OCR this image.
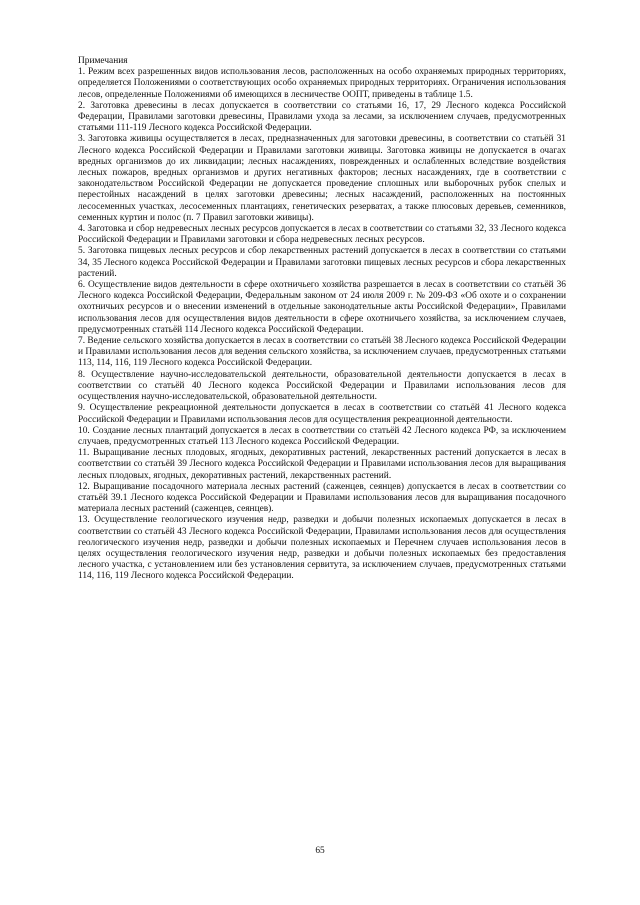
Примечания

1. Режим всех разрешенных видов использования лесов, расположенных на особо охраняемых природных территориях, определяется Положениями о соответствующих особо охраняемых природных территориях. Ограничения использования лесов, определенные Положениями об имеющихся в лесничестве ООПТ, приведены в таблице 1.5.

2. Заготовка древесины в лесах допускается в соответствии со статьями 16, 17, 29 Лесного кодекса Российской Федерации, Правилами заготовки древесины, Правилами ухода за лесами, за исключением случаев, предусмотренных статьями 111-119 Лесного кодекса Российской Федерации.

3. Заготовка живицы осуществляется в лесах, предназначенных для заготовки древесины, в соответствии со статьёй 31 Лесного кодекса Российской Федерации и Правилами заготовки живицы. Заготовка живицы не допускается в очагах вредных организмов до их ликвидации; лесных насаждениях, поврежденных и ослабленных вследствие воздействия лесных пожаров, вредных организмов и других негативных факторов; лесных насаждениях, где в соответствии с законодательством Российской Федерации не допускается проведение сплошных или выборочных рубок спелых и перестойных насаждений в целях заготовки древесины; лесных насаждений, расположенных на постоянных лесосеменных участках, лесосеменных плантациях, генетических резерватах, а также плюсовых деревьев, семенников, семенных куртин и полос (п. 7 Правил заготовки живицы).

4. Заготовка и сбор недревесных лесных ресурсов допускается в лесах в соответствии со статьями 32, 33 Лесного кодекса Российской Федерации и Правилами заготовки и сбора недревесных лесных ресурсов.

5. Заготовка пищевых лесных ресурсов и сбор лекарственных растений допускается в лесах в соответствии со статьями 34, 35 Лесного кодекса Российской Федерации и Правилами заготовки пищевых лесных ресурсов и сбора лекарственных растений.

6. Осуществление видов деятельности в сфере охотничьего хозяйства разрешается в лесах в соответствии со статьёй 36 Лесного кодекса Российской Федерации, Федеральным законом от 24 июля 2009 г. № 209-ФЗ «Об охоте и о сохранении охотничьих ресурсов и о внесении изменений в отдельные законодательные акты Российской Федерации», Правилами использования лесов для осуществления видов деятельности в сфере охотничьего хозяйства, за исключением случаев, предусмотренных статьёй 114 Лесного кодекса Российской Федерации.

7. Ведение сельского хозяйства допускается в лесах в соответствии со статьёй 38 Лесного кодекса Российской Федерации и Правилами использования лесов для ведения сельского хозяйства, за исключением случаев, предусмотренных статьями 113, 114, 116, 119 Лесного кодекса Российской Федерации.

8. Осуществление научно-исследовательской деятельности, образовательной деятельности допускается в лесах в соответствии со статьёй 40 Лесного кодекса Российской Федерации и Правилами использования лесов для осуществления научно-исследовательской, образовательной деятельности.

9. Осуществление рекреационной деятельности допускается в лесах в соответствии со статьёй 41 Лесного кодекса Российской Федерации и Правилами использования лесов для осуществления рекреационной деятельности.

10. Создание лесных плантаций допускается в лесах в соответствии со статьёй 42 Лесного кодекса РФ, за исключением случаев, предусмотренных статьей 113 Лесного кодекса Российской Федерации.

11. Выращивание лесных плодовых, ягодных, декоративных растений, лекарственных растений допускается в лесах в соответствии со статьёй 39 Лесного кодекса Российской Федерации и Правилами использования лесов для выращивания лесных плодовых, ягодных, декоративных растений, лекарственных растений.

12. Выращивание посадочного материала лесных растений (саженцев, сеянцев) допускается в лесах в соответствии со статьёй 39.1 Лесного кодекса Российской Федерации и Правилами использования лесов для выращивания посадочного материала лесных растений (саженцев, сеянцев).

13. Осуществление геологического изучения недр, разведки и добычи полезных ископаемых допускается в лесах в соответствии со статьёй 43 Лесного кодекса Российской Федерации, Правилами использования лесов для осуществления геологического изучения недр, разведки и добычи полезных ископаемых и Перечнем случаев использования лесов в целях осуществления геологического изучения недр, разведки и добычи полезных ископаемых без предоставления лесного участка, с установлением или без установления сервитута, за исключением случаев, предусмотренных статьями 114, 116, 119 Лесного кодекса Российской Федерации.

65
